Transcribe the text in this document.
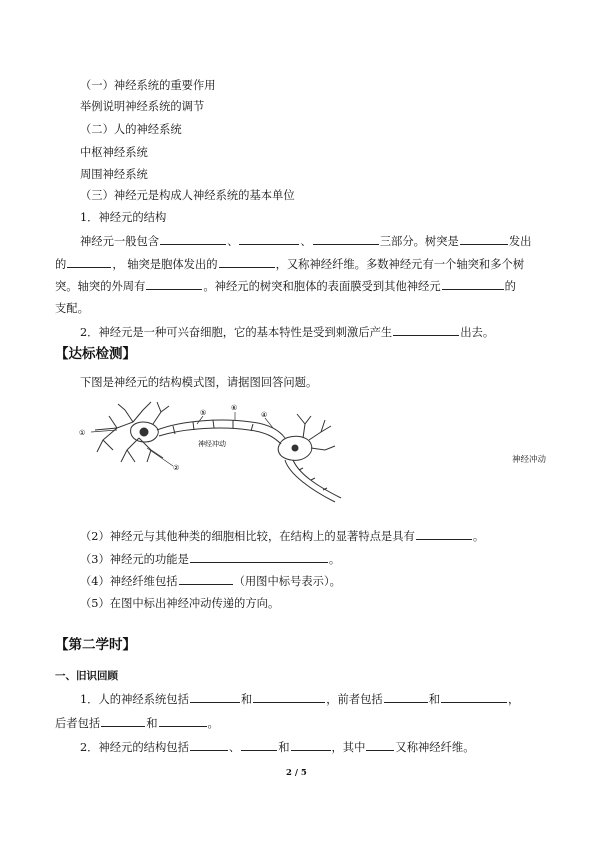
（一）神经系统的重要作用
举例说明神经系统的调节
（二）人的神经系统
中枢神经系统
周围神经系统
（三）神经元是构成人神经系统的基本单位
1．神经元的结构
神经元一般包含	、	、	三部分。树突是	发出
的	， 轴突是胞体发出的	，又称神经纤维。多数神经元有一个轴突和多个树
突。轴突的外周有	。神经元的树突和胞体的表面膜受到其他神经元	的
支配。
2．神经元是一种可兴奋细胞，它的基本特性是受到刺激后产生	出去。
【达标检测】
下图是神经元的结构模式图，请据图回答问题。
①
②
⑤
⑥
④
神经冲动
神经冲动
（2）神经元与其他种类的细胞相比较，在结构上的显著特点是具有	。
（3）神经元的功能是	。
（4）神经纤维包括	（用图中标号表示）。
（5）在图中标出神经冲动传递的方向。
【第二学时】
一、旧识回顾
1．人的神经系统包括	和	，前者包括	和	，
后者包括	和	。
2．神经元的结构包括	、	和	，其中	又称神经纤维。
2 / 5
